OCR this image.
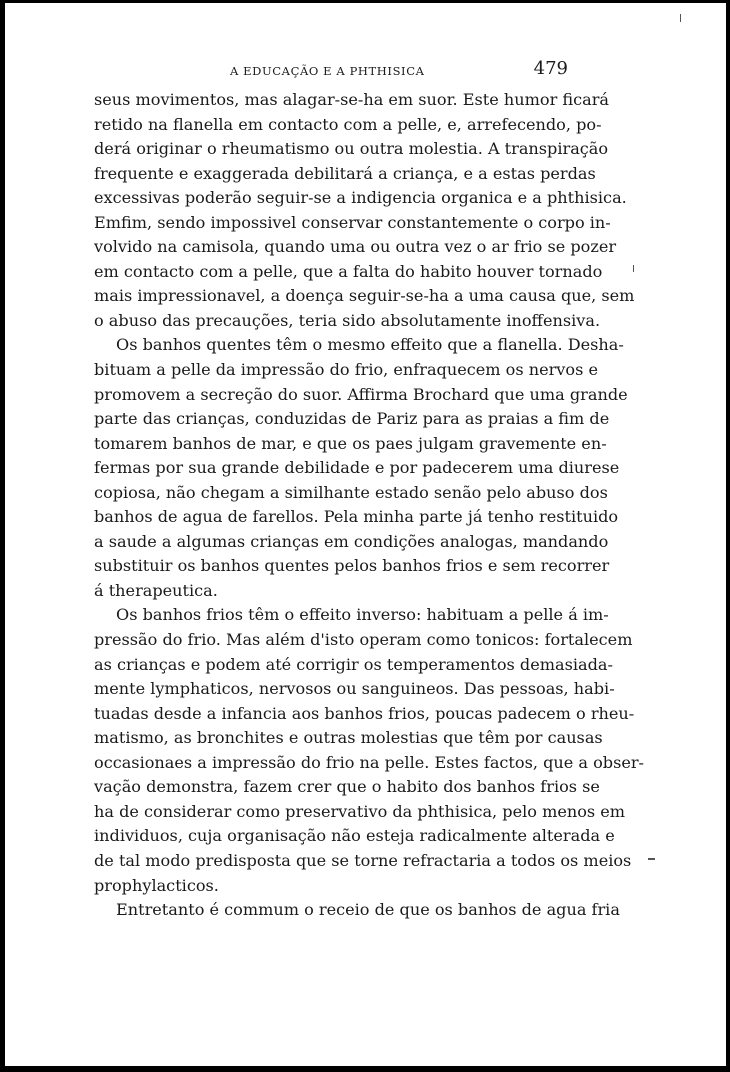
A EDUCAÇÃO E A PHTHISICA	479
seus movimentos, mas alagar-se-ha em suor. Este humor ficará
retido na flanella em contacto com a pelle, e, arrefecendo, po-
derá originar o rheumatismo ou outra molestia. A transpiração
frequente e exaggerada debilitará a criança, e a estas perdas
excessivas poderão seguir-se a indigencia organica e a phthisica.
Emfim, sendo impossivel conservar constantemente o corpo in-
volvido na camisola, quando uma ou outra vez o ar frio se pozer
em contacto com a pelle, que a falta do habito houver tornado
mais impressionavel, a doença seguir-se-ha a uma causa que, sem
o abuso das precauções, teria sido absolutamente inoffensiva.
Os banhos quentes têm o mesmo effeito que a flanella. Desha-
bituam a pelle da impressão do frio, enfraquecem os nervos e
promovem a secreção do suor. Affirma Brochard que uma grande
parte das crianças, conduzidas de Pariz para as praias a fim de
tomarem banhos de mar, e que os paes julgam gravemente en-
fermas por sua grande debilidade e por padecerem uma diurese
copiosa, não chegam a similhante estado senão pelo abuso dos
banhos de agua de farellos. Pela minha parte já tenho restituido
a saude a algumas crianças em condições analogas, mandando
substituir os banhos quentes pelos banhos frios e sem recorrer
á therapeutica.
Os banhos frios têm o effeito inverso: habituam a pelle á im-
pressão do frio. Mas além d'isto operam como tonicos: fortalecem
as crianças e podem até corrigir os temperamentos demasiada-
mente lymphaticos, nervosos ou sanguineos. Das pessoas, habi-
tuadas desde a infancia aos banhos frios, poucas padecem o rheu-
matismo, as bronchites e outras molestias que têm por causas
occasionaes a impressão do frio na pelle. Estes factos, que a obser-
vação demonstra, fazem crer que o habito dos banhos frios se
ha de considerar como preservativo da phthisica, pelo menos em
individuos, cuja organisação não esteja radicalmente alterada e
de tal modo predisposta que se torne refractaria a todos os meios
prophylacticos.
Entretanto é commum o receio de que os banhos de agua fria
